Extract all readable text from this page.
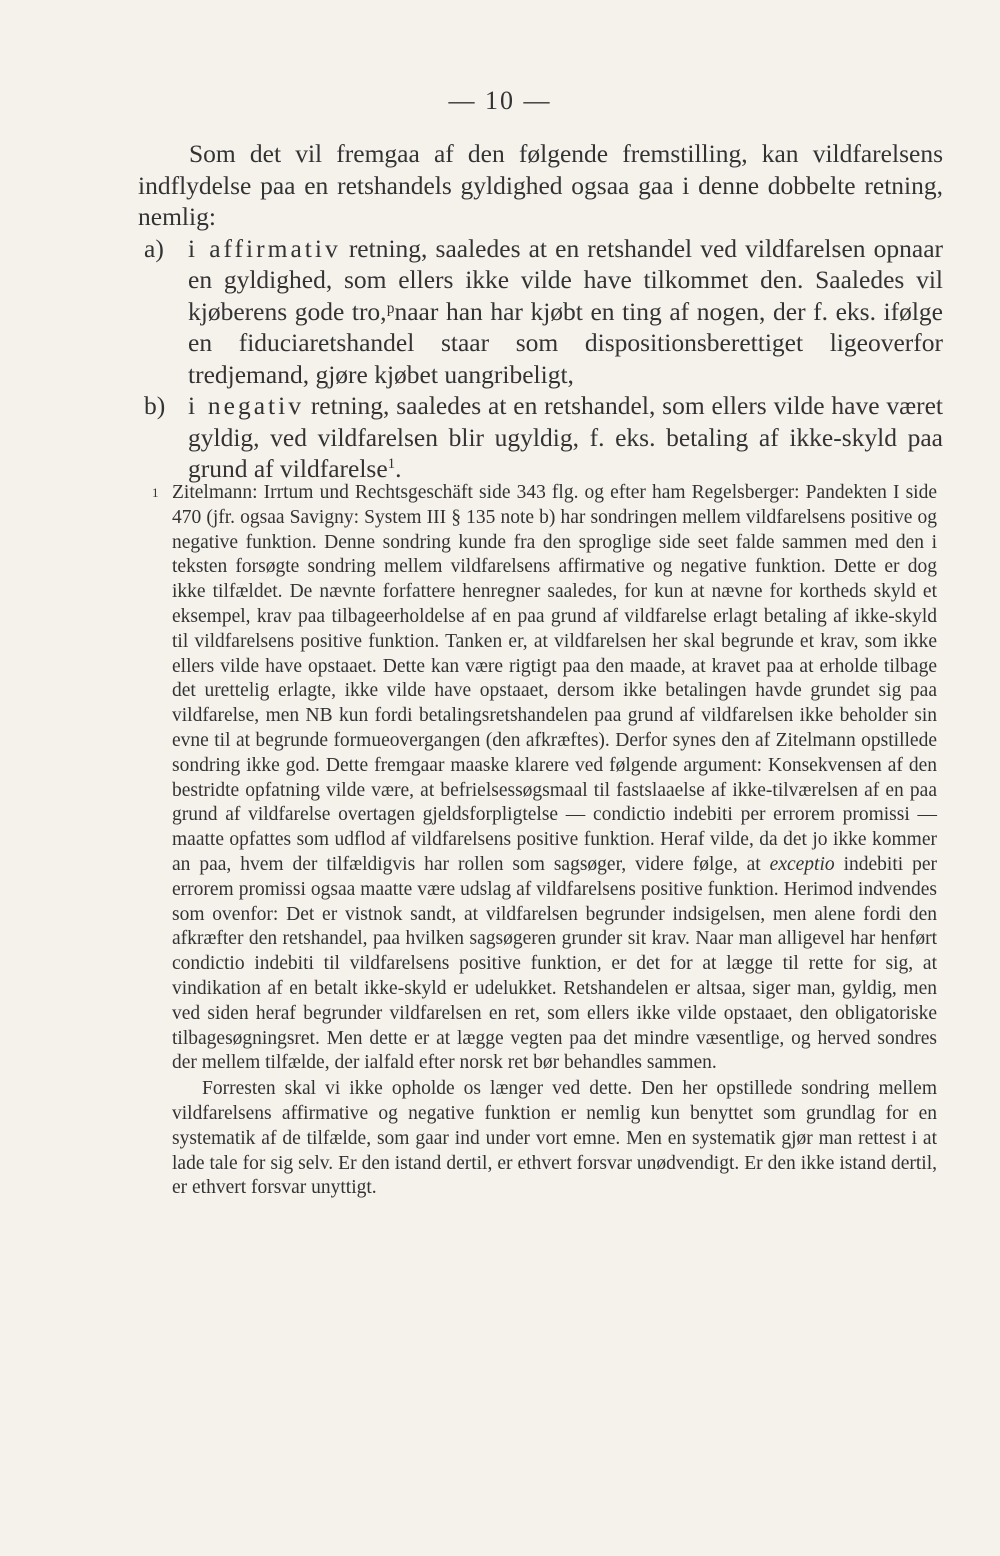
— 10 —

Som det vil fremgaa af den følgende fremstilling, kan vildfarelsens indflydelse paa en retshandels gyldighed ogsaa gaa i denne dobbelte retning, nemlig:

a) i affirmativ retning, saaledes at en retshandel ved vildfarelsen opnaar en gyldighed, som ellers ikke vilde have tilkommet den. Saaledes vil kjøberens gode tro,ᵖnaar han har kjøbt en ting af nogen, der f. eks. ifølge en fiduciaretshandel staar som dispositionsberettiget ligeoverfor tredjemand, gjøre kjøbet uangribeligt,
b) i negativ retning, saaledes at en retshandel, som ellers vilde have været gyldig, ved vildfarelsen blir ugyldig, f. eks. betaling af ikke-skyld paa grund af vildfarelse$^1$.
1 Zitelmann: Irrtum und Rechtsgeschäft side 343 flg. og efter ham Regelsberger: Pandekten I side 470 (jfr. ogsaa Savigny: System III § 135 note b) har sondringen mellem vildfarelsens positive og negative funktion. Denne sondring kunde fra den sproglige side seet falde sammen med den i teksten forsøgte sondring mellem vildfarelsens affirmative og negative funktion. Dette er dog ikke tilfældet. De nævnte forfattere henregner saaledes, for kun at nævne for kortheds skyld et eksempel, krav paa tilbageerholdelse af en paa grund af vildfarelse erlagt betaling af ikke-skyld til vildfarelsens positive funktion. Tanken er, at vildfarelsen her skal begrunde et krav, som ikke ellers vilde have opstaaet. Dette kan være rigtigt paa den maade, at kravet paa at erholde tilbage det urettelig erlagte, ikke vilde have opstaaet, dersom ikke betalingen havde grundet sig paa vildfarelse, men NB kun fordi betalingsretshandelen paa grund af vildfarelsen ikke beholder sin evne til at begrunde formueovergangen (den afkræftes). Derfor synes den af Zitelmann opstillede sondring ikke god. Dette fremgaar maaske klarere ved følgende argument: Konsekvensen af den bestridte opfatning vilde være, at befrielsessøgsmaal til fastslaaelse af ikke-tilværelsen af en paa grund af vildfarelse overtagen gjeldsforpligtelse — condictio indebiti per errorem promissi — maatte opfattes som udflod af vildfarelsens positive funktion. Heraf vilde, da det jo ikke kommer an paa, hvem der tilfældigvis har rollen som sagsøger, videre følge, at exceptio indebiti per errorem promissi ogsaa maatte være udslag af vildfarelsens positive funktion. Herimod indvendes som ovenfor: Det er vistnok sandt, at vildfarelsen begrunder indsigelsen, men alene fordi den afkræfter den retshandel, paa hvilken sagsøgeren grunder sit krav. Naar man alligevel har henført condictio indebiti til vildfarelsens positive funktion, er det for at lægge til rette for sig, at vindikation af en betalt ikke-skyld er udelukket. Retshandelen er altsaa, siger man, gyldig, men ved siden heraf begrunder vildfarelsen en ret, som ellers ikke vilde opstaaet, den obligatoriske tilbagesøgningsret. Men dette er at lægge vegten paa det mindre væsentlige, og herved sondres der mellem tilfælde, der ialfald efter norsk ret bør behandles sammen.

Forresten skal vi ikke opholde os længer ved dette. Den her opstillede sondring mellem vildfarelsens affirmative og negative funktion er nemlig kun benyttet som grundlag for en systematik af de tilfælde, som gaar ind under vort emne. Men en systematik gjør man rettest i at lade tale for sig selv. Er den istand dertil, er ethvert forsvar unødvendigt. Er den ikke istand dertil, er ethvert forsvar unyttigt.
